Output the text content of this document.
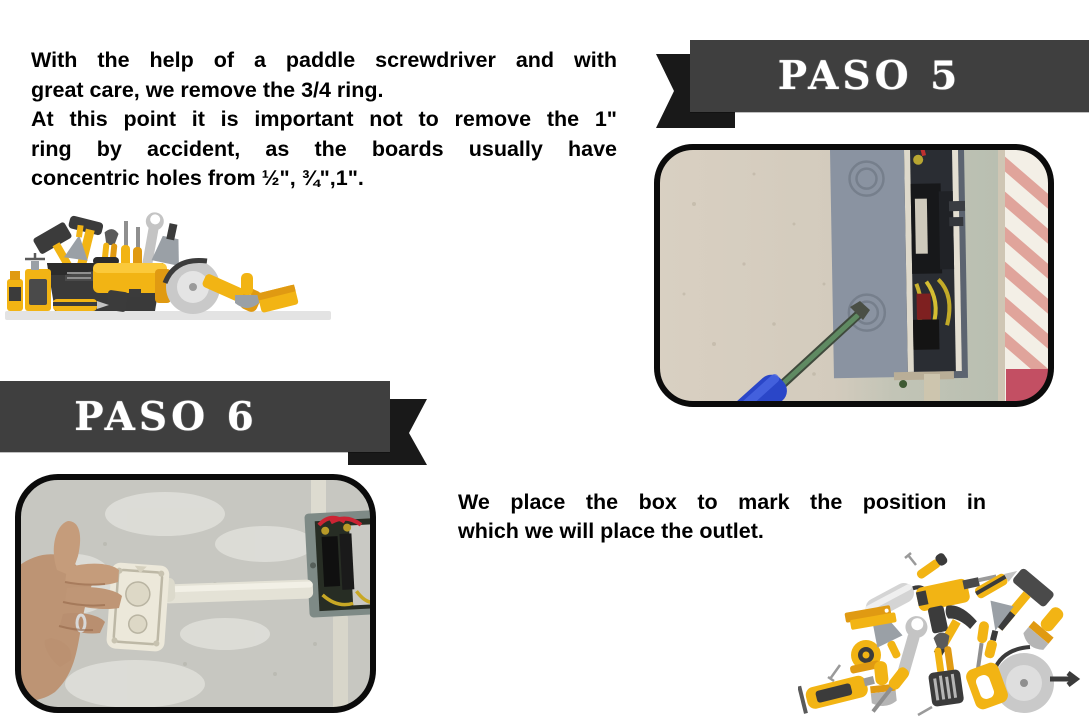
With the help of a paddle screwdriver and with
great care, we remove the 3/4 ring.
At this point it is important not to remove the 1"
ring by accident, as the boards usually have
concentric holes from ½", ¾",1".
PASO 5
PASO 6
We place the box to mark the position in
which we will place the outlet.
